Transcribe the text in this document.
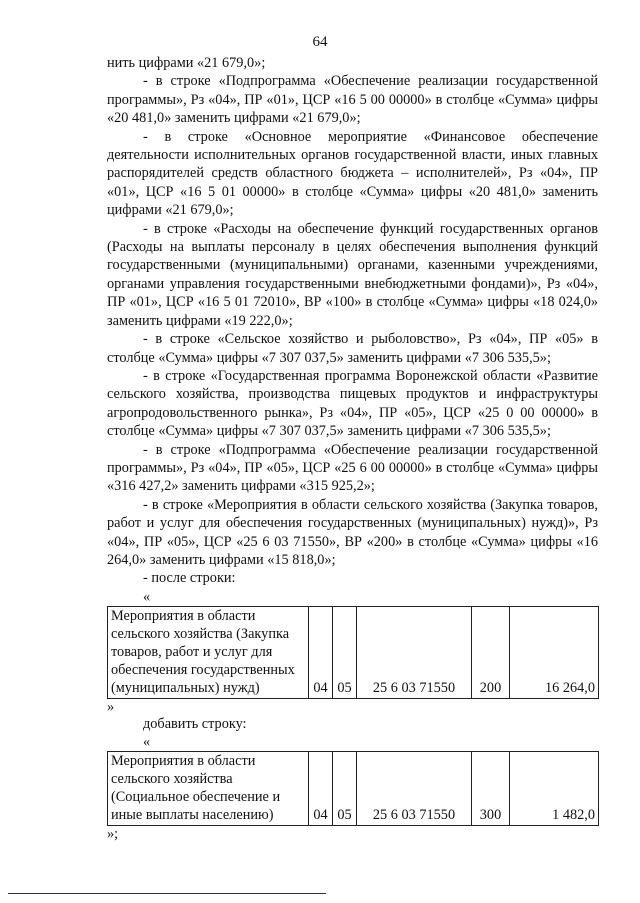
64

нить цифрами «21 679,0»;

- в строке «Подпрограмма «Обеспечение реализации государственной программы», Рз «04», ПР «01», ЦСР «16 5 00 00000» в столбце «Сумма» цифры «20 481,0» заменить цифрами «21 679,0»;

- в строке «Основное мероприятие «Финансовое обеспечение деятельности исполнительных органов государственной власти, иных главных распорядителей средств областного бюджета – исполнителей», Рз «04», ПР «01», ЦСР «16 5 01 00000» в столбце «Сумма» цифры «20 481,0» заменить цифрами «21 679,0»;

- в строке «Расходы на обеспечение функций государственных органов (Расходы на выплаты персоналу в целях обеспечения выполнения функций государственными (муниципальными) органами, казенными учреждениями, органами управления государственными внебюджетными фондами)», Рз «04», ПР «01», ЦСР «16 5 01 72010», ВР «100» в столбце «Сумма» цифры «18 024,0» заменить цифрами «19 222,0»;

- в строке «Сельское хозяйство и рыболовство», Рз «04», ПР «05» в столбце «Сумма» цифры «7 307 037,5» заменить цифрами «7 306 535,5»;

- в строке «Государственная программа Воронежской области «Развитие сельского хозяйства, производства пищевых продуктов и инфраструктуры агропродовольственного рынка», Рз «04», ПР «05», ЦСР «25 0 00 00000» в столбце «Сумма» цифры «7 307 037,5» заменить цифрами «7 306 535,5»;

- в строке «Подпрограмма «Обеспечение реализации государственной программы», Рз «04», ПР «05», ЦСР «25 6 00 00000» в столбце «Сумма» цифры «316 427,2» заменить цифрами «315 925,2»;

- в строке «Мероприятия в области сельского хозяйства (Закупка товаров, работ и услуг для обеспечения государственных (муниципальных) нужд)», Рз «04», ПР «05», ЦСР «25 6 03 71550», ВР «200» в столбце «Сумма» цифры «16 264,0» заменить цифрами «15 818,0»;

- после строки:

«

Мероприятия в области сельского хозяйства (Закупка товаров, работ и услуг для обеспечения государственных (муниципальных) нужд)	04	05	25 6 03 71550	200	16 264,0

»

добавить строку:

«

Мероприятия в области сельского хозяйства (Социальное обеспечение и иные выплаты населению)	04	05	25 6 03 71550	300	1 482,0

»;
